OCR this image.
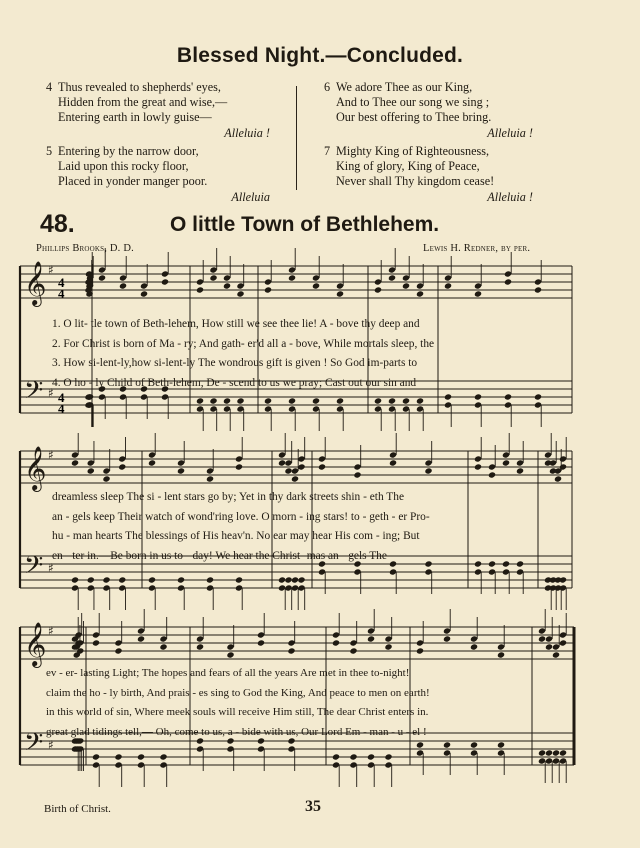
Blessed Night.—Concluded.
4 Thus revealed to shepherds' eyes,
Hidden from the great and wise,—
Entering earth in lowly guise—
Alleluia !
5 Entering by the narrow door,
Laid upon this rocky floor,
Placed in yonder manger poor.
Alleluia
6 We adore Thee as our King,
And to Thee our song we sing ;
Our best offering to Thee bring.
Alleluia !
7 Mighty King of Righteousness,
King of glory, King of Peace,
Never shall Thy kingdom cease!
Alleluia !
48.	O little Town of Bethlehem.
Phillips Brooks, D. D.	Lewis H. Redner, by per.
4
4
4
4
𝄞
𝄢
♯
♯
𝄞
𝄢
♯
♯
𝄞
𝄢
♯
♯
1. O lit- tle town of Beth-lehem, How still we see thee lie! A - bove thy deep and
2. For Christ is born of Ma - ry; And gath- er'd all a - bove, While mortals sleep, the
3. How si-lent-ly,how si-lent-ly The wondrous gift is given ! So God im-parts to
4. O ho - ly Child of Beth-lehem, De - scend to us we pray; Cast out our sin and
dreamless sleep The si - lent stars go by; Yet in thy dark streets shin - eth The
an - gels keep Their watch of wond'ring love. O morn - ing stars! to - geth - er Pro-
hu - man hearts The blessings of His heav'n. No ear may hear His com - ing; But
en - ter in.—Be born in us to - day! We hear the Christ- mas an - gels The
ev - er- lasting Light; The hopes and fears of all the years Are met in thee to-night!
claim the ho - ly birth, And prais - es sing to God the King, And peace to men on earth!
in this world of sin, Where meek souls will receive Him still, The dear Christ enters in.
great glad tidings tell,— Oh, come to us, a - bide with us, Our Lord Em - man - u - el !
Birth of Christ.	35
